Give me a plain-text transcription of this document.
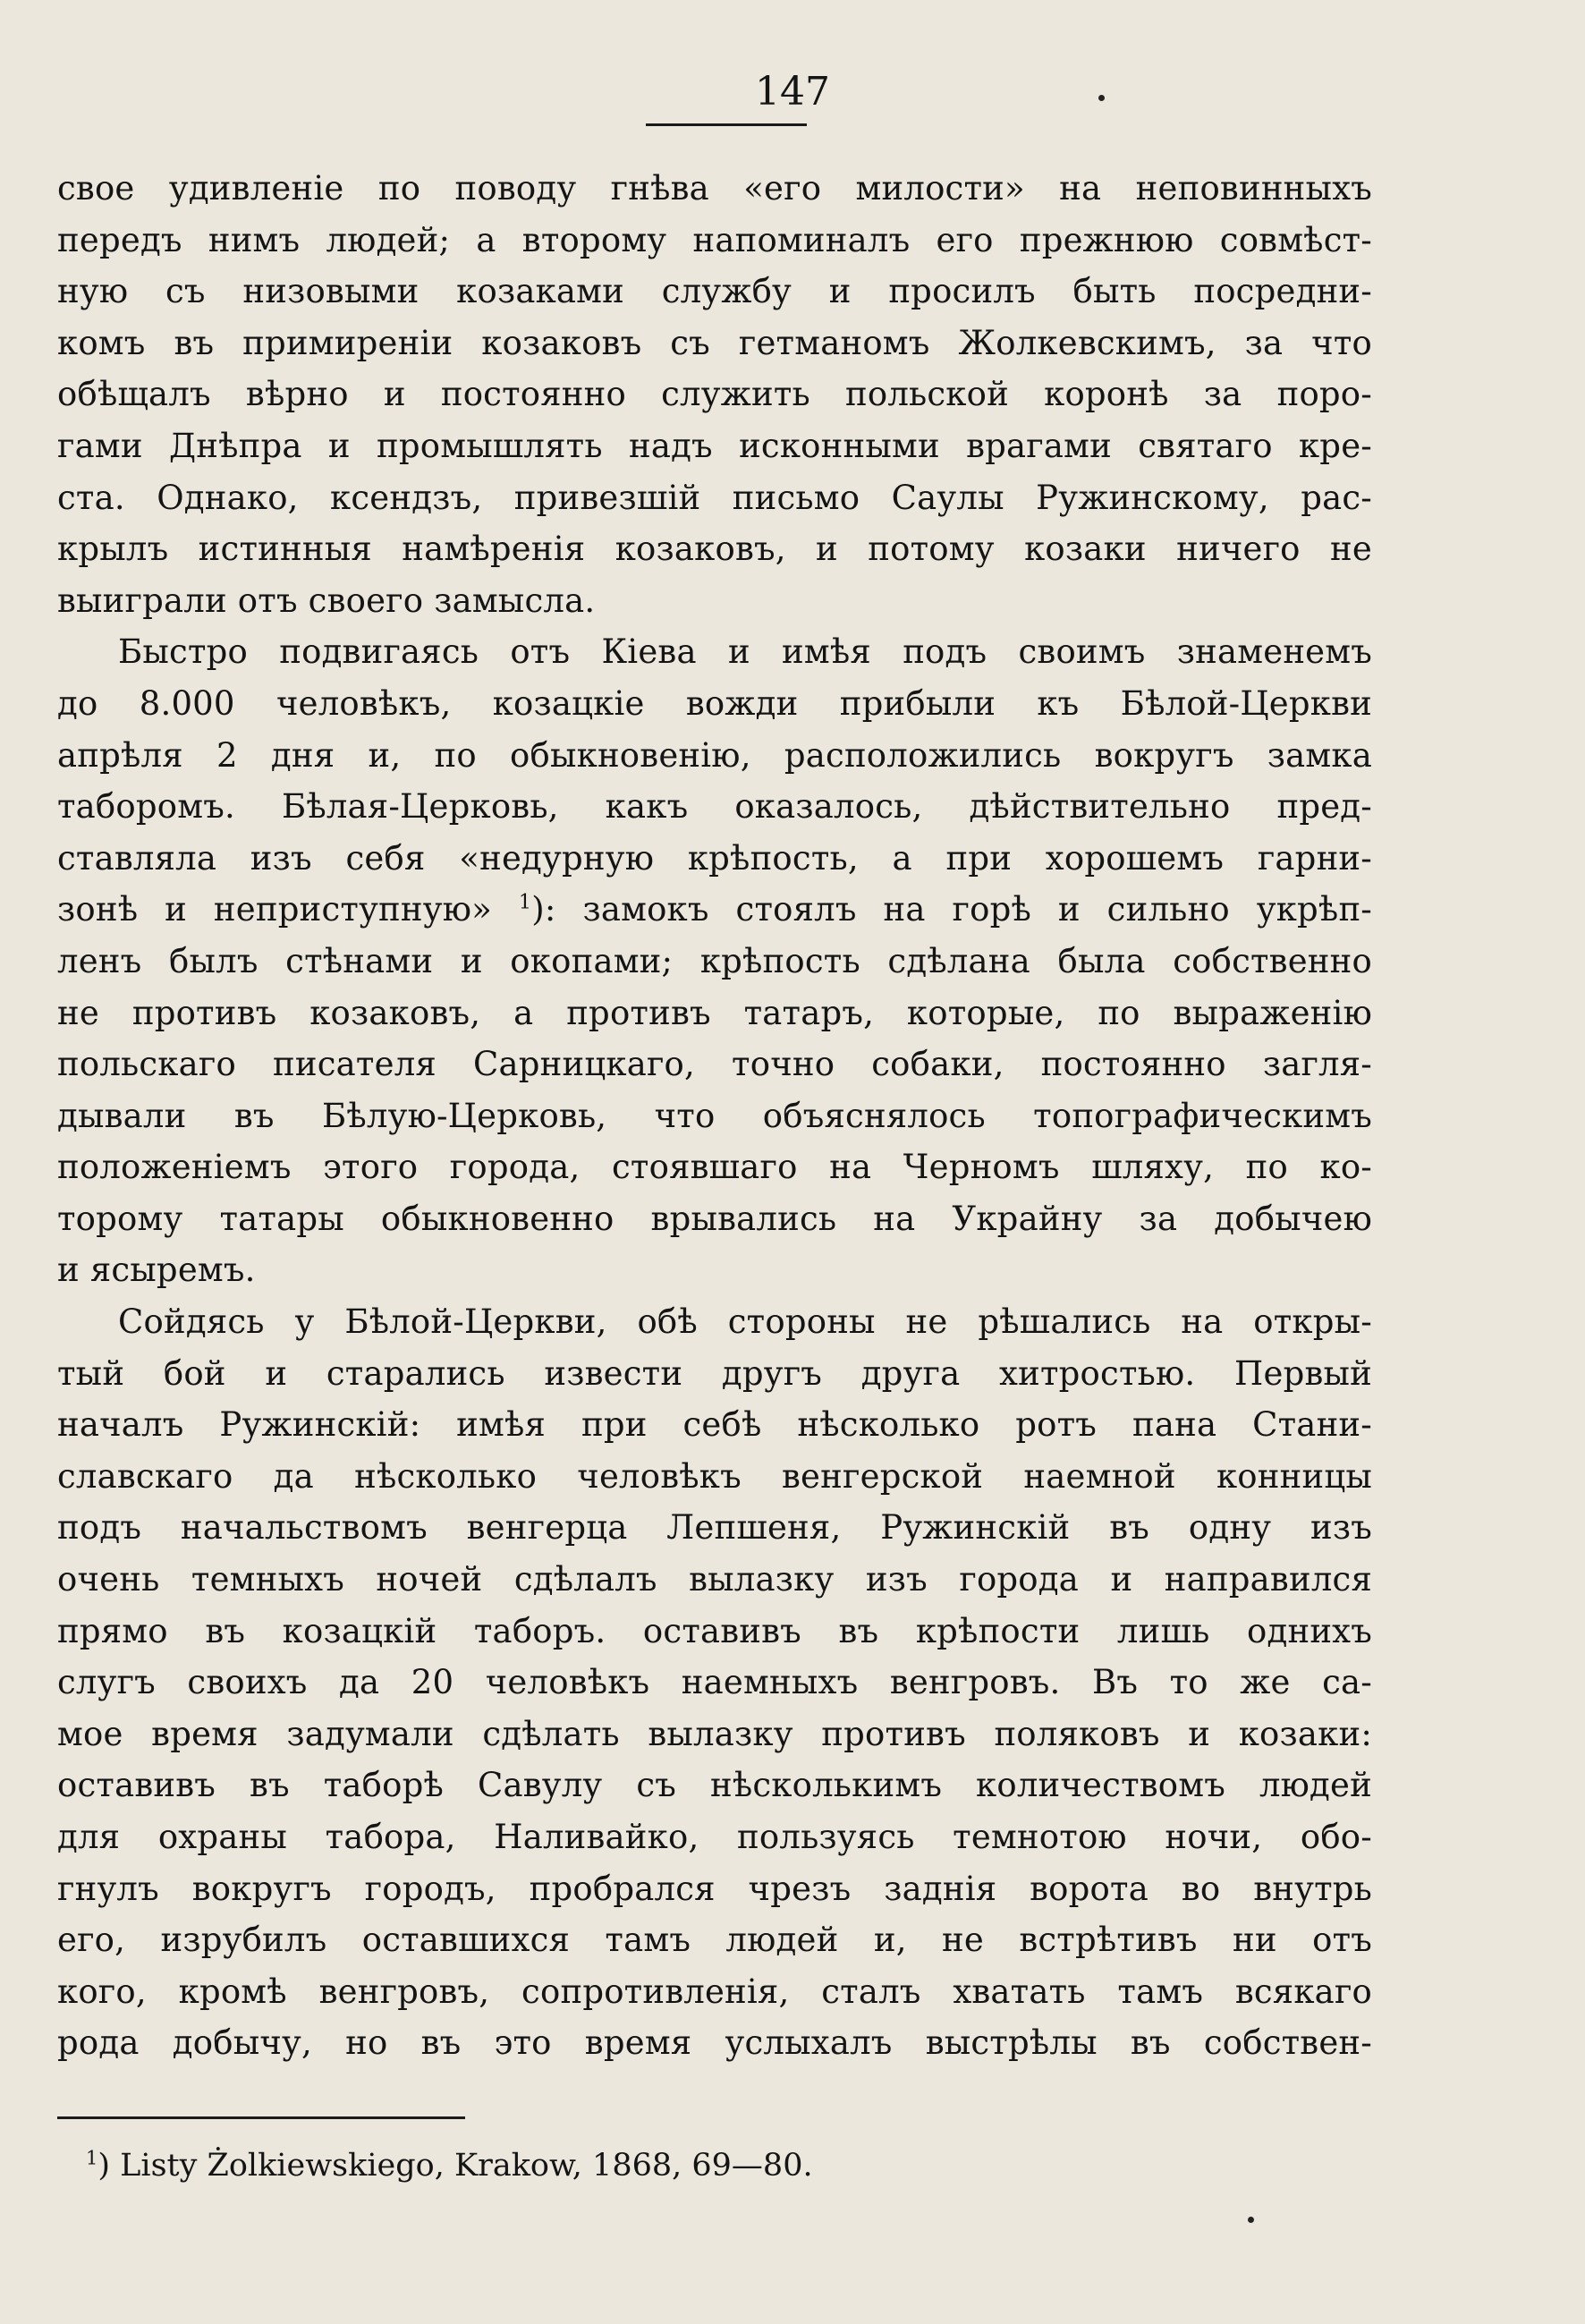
147
свое удивленіе по поводу гнѣва «его милости» на неповинныхъ
передъ нимъ людей; а второму напоминалъ его прежнюю совмѣст-
ную съ низовыми козаками службу и просилъ быть посредни-
комъ въ примиреніи козаковъ съ гетманомъ Жолкевскимъ, за что
обѣщалъ вѣрно и постоянно служить польской коронѣ за поро-
гами Днѣпра и промышлять надъ исконными врагами святаго кре-
ста. Однако, ксендзъ, привезшій письмо Саулы Ружинскому, рас-
крылъ истинныя намѣренія козаковъ, и потому козаки ничего не
выиграли отъ своего замысла.
Быстро подвигаясь отъ Кіева и имѣя подъ своимъ знаменемъ
до 8.000 человѣкъ, козацкіе вожди прибыли къ Бѣлой-Церкви
апрѣля 2 дня и, по обыкновенію, расположились вокругъ замка
таборомъ. Бѣлая-Церковь, какъ оказалось, дѣйствительно пред-
ставляла изъ себя «недурную крѣпость, а при хорошемъ гарни-
зонѣ и неприступную» $^1$): замокъ стоялъ на горѣ и сильно укрѣп-
ленъ былъ стѣнами и окопами; крѣпость сдѣлана была собственно
не противъ козаковъ, а противъ татаръ, которые, по выраженію
польскаго писателя Сарницкаго, точно собаки, постоянно загля-
дывали въ Бѣлую-Церковь, что объяснялось топографическимъ
положеніемъ этого города, стоявшаго на Черномъ шляху, по ко-
торому татары обыкновенно врывались на Украйну за добычею
и ясыремъ.
Сойдясь у Бѣлой-Церкви, обѣ стороны не рѣшались на откры-
тый бой и старались извести другъ друга хитростью. Первый
началъ Ружинскій: имѣя при себѣ нѣсколько ротъ пана Стани-
славскаго да нѣсколько человѣкъ венгерской наемной конницы
подъ начальствомъ венгерца Лепшеня, Ружинскій въ одну изъ
очень темныхъ ночей сдѣлалъ вылазку изъ города и направился
прямо въ козацкій таборъ. оставивъ въ крѣпости лишь однихъ
слугъ своихъ да 20 человѣкъ наемныхъ венгровъ. Въ то же са-
мое время задумали сдѣлать вылазку противъ поляковъ и козаки:
оставивъ въ таборѣ Савулу съ нѣсколькимъ количествомъ людей
для охраны табора, Наливайко, пользуясь темнотою ночи, обо-
гнулъ вокругъ городъ, пробрался чрезъ заднія ворота во внутрь
его, изрубилъ оставшихся тамъ людей и, не встрѣтивъ ни отъ
кого, кромѣ венгровъ, сопротивленія, сталъ хватать тамъ всякаго
рода добычу, но въ это время услыхалъ выстрѣлы въ собствен-
$^1$) Listy Żolkiewskiego, Krakow, 1868, 69—80.
